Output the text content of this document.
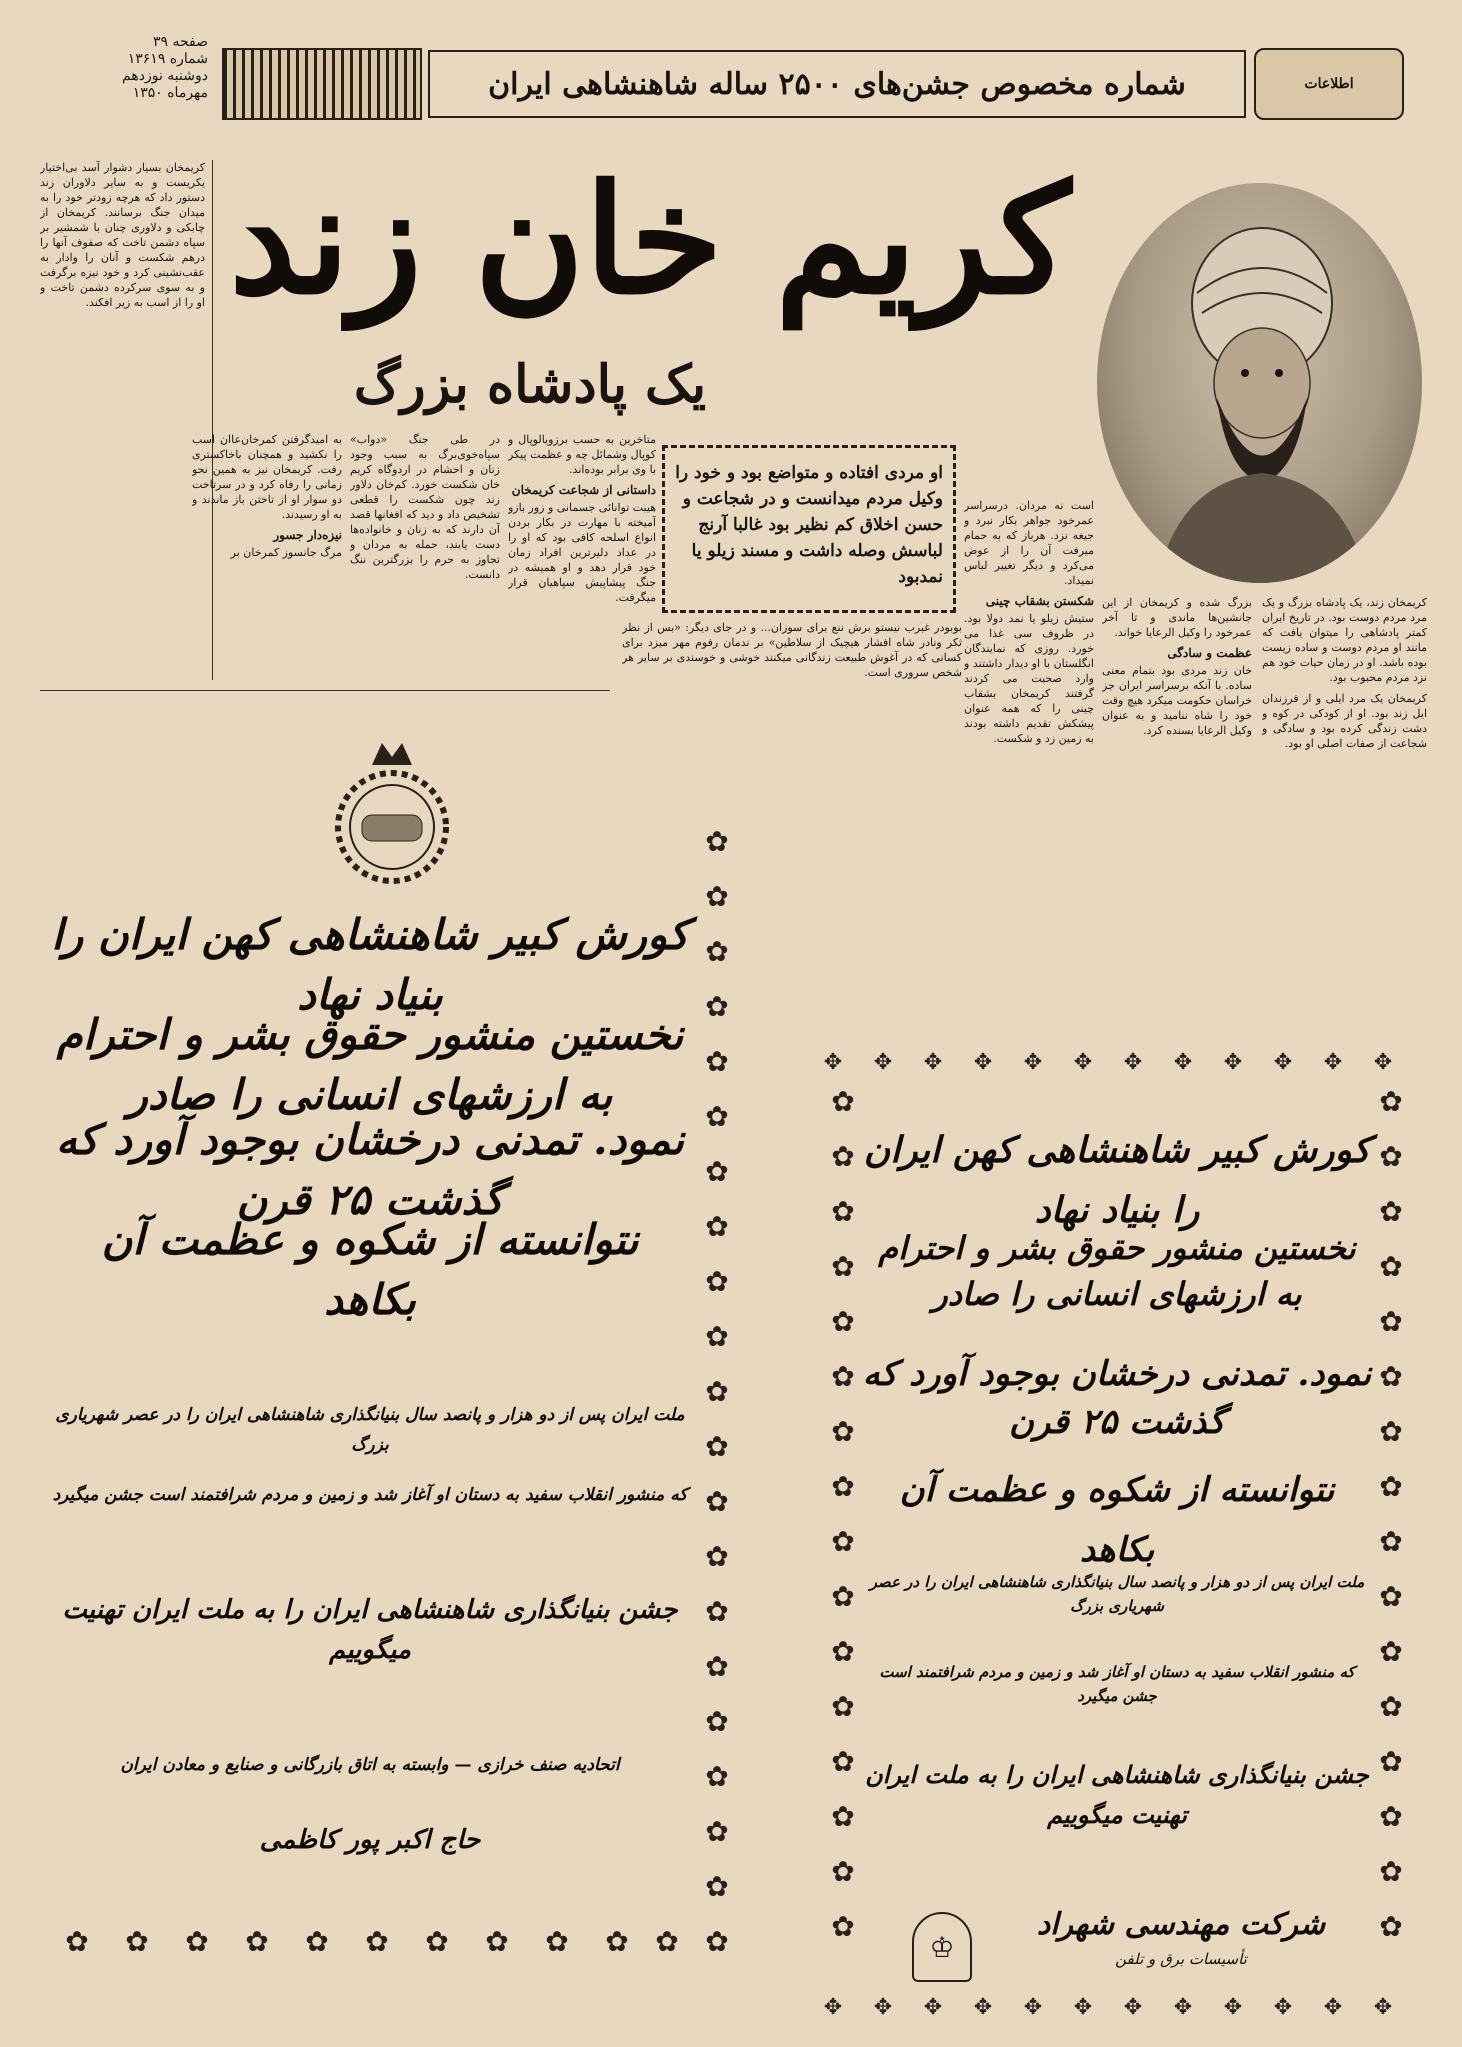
صفحه ۳۹
شماره ۱۳۶۱۹
دوشنبه نوزدهم
مهرماه ۱۳۵۰	شماره مخصوص جشن‌های ۲۵۰۰ ساله شاهنشاهی ایران	اطلاعات
کریم خان زند
یک پادشاه بزرگ

کریمخان بسیار دشوار آسد بی‌اختیار یکریست و به سایر دلاوران زند دستور داد که هرچه زودتر خود را به میدان جنگ برسانند. کریمخان از چابکی و دلاوری چنان با شمشیر بر سپاه دشمن تاخت که صفوف آنها را درهم شکست و آنان را وادار به عقب‌نشینی کرد و خود نیزه برگرفت و به سوی سرکرده دشمن تاخت و او را از اسب به زیر افکند.

به امیدگرفتن کمرخان‌عاان اسب را نکشید و همچنان باخاکستری رفت. کریمخان نیز به همین نحو زمانی را رفاه کرد و در سرتاخت دو سوار او از تاختن باز ماندند و به او رسیدند.

نیزه‌دار جسور

مرگ جانسوز کمرخان بر

در طی جنگ «دواب» سپاه‌خوی‌برگ به سبب وجود زنان و احشام در اردوگاه کریم خان شکست خورد. کم‌خان دلاور زند چون شکست را قطعی تشخیص داد و دید که افغانها قصد آن دارند که به زنان و خانواده‌ها دست یابند، حمله به مردان و تجاوز به حرم را بزرگترین ننگ دانست.

متاخرین به حسب برزویالوپال و کوپال وشمائل چه و عظمت پیکر با وی برابر بوده‌اند.

داستانی از شجاعت کریمخان

هیبت توانائی جسمانی و زور بازو آمیخته با مهارت در بکار بردن انواع اسلحه کافی بود که او را در عداد دلیرترین افراد زمان خود قرار دهد و او همیشه در جنگ پیشاپیش سپاهیان قرار میگرفت.

او مردی افتاده و متواضع بود و خود را وکیل مردم میدانست و در شجاعت و حسن اخلاق کم نظیر بود غالبا آرنج لباسش وصله داشت و مسند زیلو یا نمدبود

بوبودر غبرب نیستو برش ننع برای سوزان... و در جای دیگر: «بس از نظر ثکر ونادر شاه افشار هیچیک از سلاطین» بر ندمان رفوم مهر میزد برای کسانی که در آغوش طبیعت زندگانی میکنند خوشی و خوسندی بر سایر هر شخص سروری است.

است نه مردان. درسراسر عمرخود جواهر بکار نبرد و جیغه نزد. هرباز که به حمام میرفت آن را از عوض می‌کرد و دیگر تغییر لباس نمیداد.

شکستن بشقاب چینی

ستیش زیلو یا نمد دولا بود. در ظروف سی غذا می خورد. روزی که نمایندگان انگلستان با او دیدار داشتند و وارد صحبت می کردند گرفتند کریمخان بشقاب چینی را که همه عنوان پیشکش تقدیم داشته بودند به زمین زد و شکست.

بزرگ شده و کریمخان از این جانشین‌ها ماندی و تا آخر عمرخود را وکیل الرعایا خواند.

عظمت و سادگی

خان زند مردی بود بتمام معنی ساده. با آنکه برسراسر ایران جز خراسان حکومت میکرد هیچ وقت خود را شاه ننامید و به عنوان وکیل الرعایا بسنده کرد.

کریمخان زند، یک پادشاه بزرگ و یک مرد مردم دوست بود. در تاریخ ایران کمتر پادشاهی را میتوان یافت که مانند او مردم دوست و ساده زیست بوده باشد. او در زمان حیات خود هم نزد مردم محبوب بود.

کریمخان یک مرد ایلی و از فرزندان ایل زند بود. او از کودکی در کوه و دشت زندگی کرده بود و سادگی و شجاعت از صفات اصلی او بود.

✿
✿
✿
✿
✿
✿
✿
✿
✿
✿
✿
✿
✿
✿
✿
✿
✿
✿
✿
✿
✿
✿ ✿ ✿ ✿ ✿ ✿ ✿ ✿ ✿ ✿ ✿
کورش کبیر شاهنشاهی کهن ایران را بنیاد نهاد
نخستین منشور حقوق بشر و احترام به ارزشهای انسانی را صادر
نمود. تمدنی درخشان بوجود آورد که گذشت ۲۵ قرن
نتوانسته از شکوه و عظمت آن بکاهد
ملت ایران پس از دو هزار و پانصد سال بنیانگذاری شاهنشاهی ایران را در عصر شهریاری بزرگ
که منشور انقلاب سفید به دستان او آغاز شد و زمین و مردم شرافتمند است جشن میگیرد
جشن بنیانگذاری شاهنشاهی ایران را به ملت ایران تهنیت میگوییم
اتحادیه صنف خرازی — وابسته به اتاق بازرگانی و صنایع و معادن ایران
حاج اکبر پور کاظمی
✥ ✥ ✥ ✥ ✥ ✥ ✥ ✥ ✥ ✥ ✥ ✥
✥ ✥ ✥ ✥ ✥ ✥ ✥ ✥ ✥ ✥ ✥ ✥
✿
✿
✿
✿
✿
✿
✿
✿
✿
✿
✿
✿
✿
✿
✿
✿
✿
✿
✿
✿
✿
✿
✿
✿
✿
✿
✿
✿
✿
✿
✿
✿
کورش کبیر شاهنشاهی کهن ایران را بنیاد نهاد
نخستین منشور حقوق بشر و احترام به ارزشهای انسانی را صادر
نمود. تمدنی درخشان بوجود آورد که گذشت ۲۵ قرن
نتوانسته از شکوه و عظمت آن بکاهد
ملت ایران پس از دو هزار و پانصد سال بنیانگذاری شاهنشاهی ایران را در عصر شهریاری بزرگ
که منشور انقلاب سفید به دستان او آغاز شد و زمین و مردم شرافتمند است جشن میگیرد
جشن بنیانگذاری شاهنشاهی ایران را به ملت ایران تهنیت میگوییم
شرکت مهندسی شهراد
تأسیسات برق و تلفن
♔
